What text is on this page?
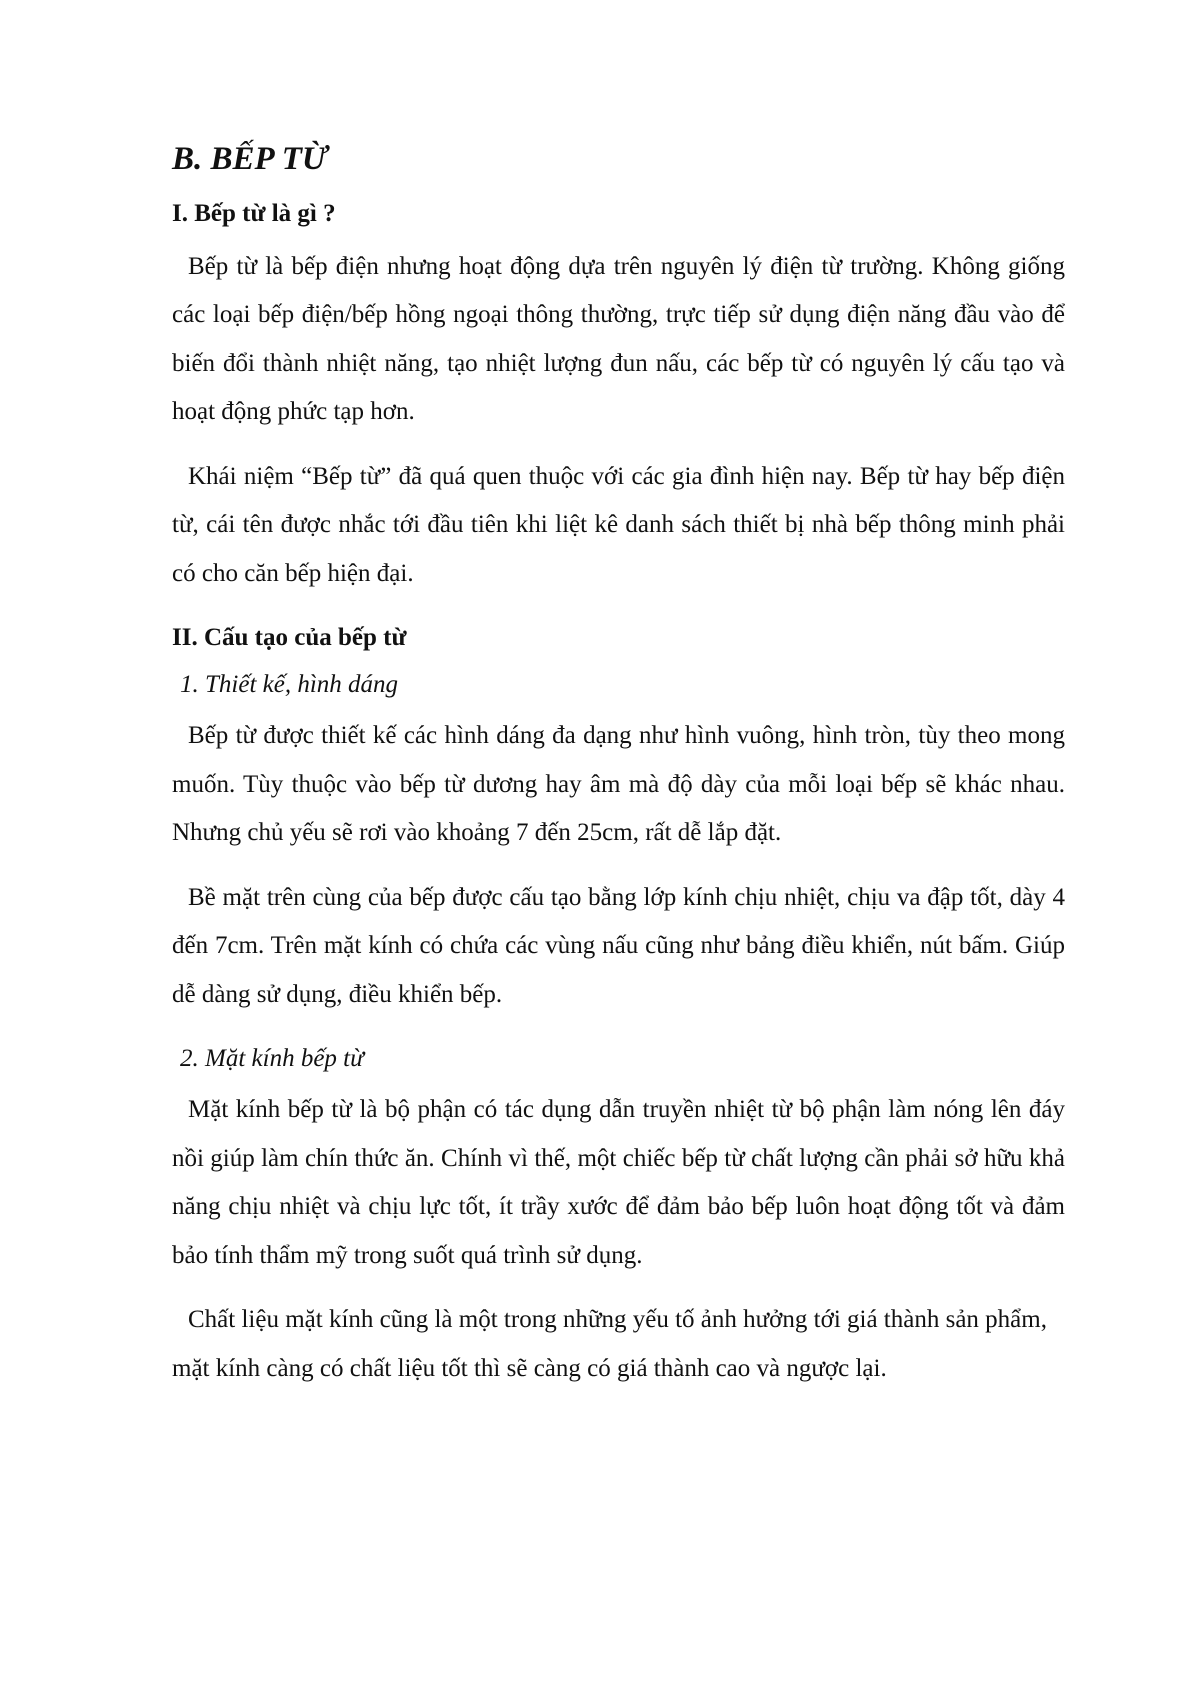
B. BẾP TỪ
I. Bếp từ là gì ?

Bếp từ là bếp điện nhưng hoạt động dựa trên nguyên lý điện từ trường. Không giống các loại bếp điện/bếp hồng ngoại thông thường, trực tiếp sử dụng điện năng đầu vào để biến đổi thành nhiệt năng, tạo nhiệt lượng đun nấu, các bếp từ có nguyên lý cấu tạo và hoạt động phức tạp hơn.

Khái niệm “Bếp từ” đã quá quen thuộc với các gia đình hiện nay. Bếp từ hay bếp điện từ, cái tên được nhắc tới đầu tiên khi liệt kê danh sách thiết bị nhà bếp thông minh phải có cho căn bếp hiện đại.

II. Cấu tạo của bếp từ
1. Thiết kế, hình dáng

Bếp từ được thiết kế các hình dáng đa dạng như hình vuông, hình tròn, tùy theo mong muốn. Tùy thuộc vào bếp từ dương hay âm mà độ dày của mỗi loại bếp sẽ khác nhau. Nhưng chủ yếu sẽ rơi vào khoảng 7 đến 25cm, rất dễ lắp đặt.

Bề mặt trên cùng của bếp được cấu tạo bằng lớp kính chịu nhiệt, chịu va đập tốt, dày 4 đến 7cm. Trên mặt kính có chứa các vùng nấu cũng như bảng điều khiển, nút bấm. Giúp dễ dàng sử dụng, điều khiển bếp.

2. Mặt kính bếp từ

Mặt kính bếp từ là bộ phận có tác dụng dẫn truyền nhiệt từ bộ phận làm nóng lên đáy nồi giúp làm chín thức ăn. Chính vì thế, một chiếc bếp từ chất lượng cần phải sở hữu khả năng chịu nhiệt và chịu lực tốt, ít trầy xước để đảm bảo bếp luôn hoạt động tốt và đảm bảo tính thẩm mỹ trong suốt quá trình sử dụng.

Chất liệu mặt kính cũng là một trong những yếu tố ảnh hưởng tới giá thành sản phẩm, mặt kính càng có chất liệu tốt thì sẽ càng có giá thành cao và ngược lại.
